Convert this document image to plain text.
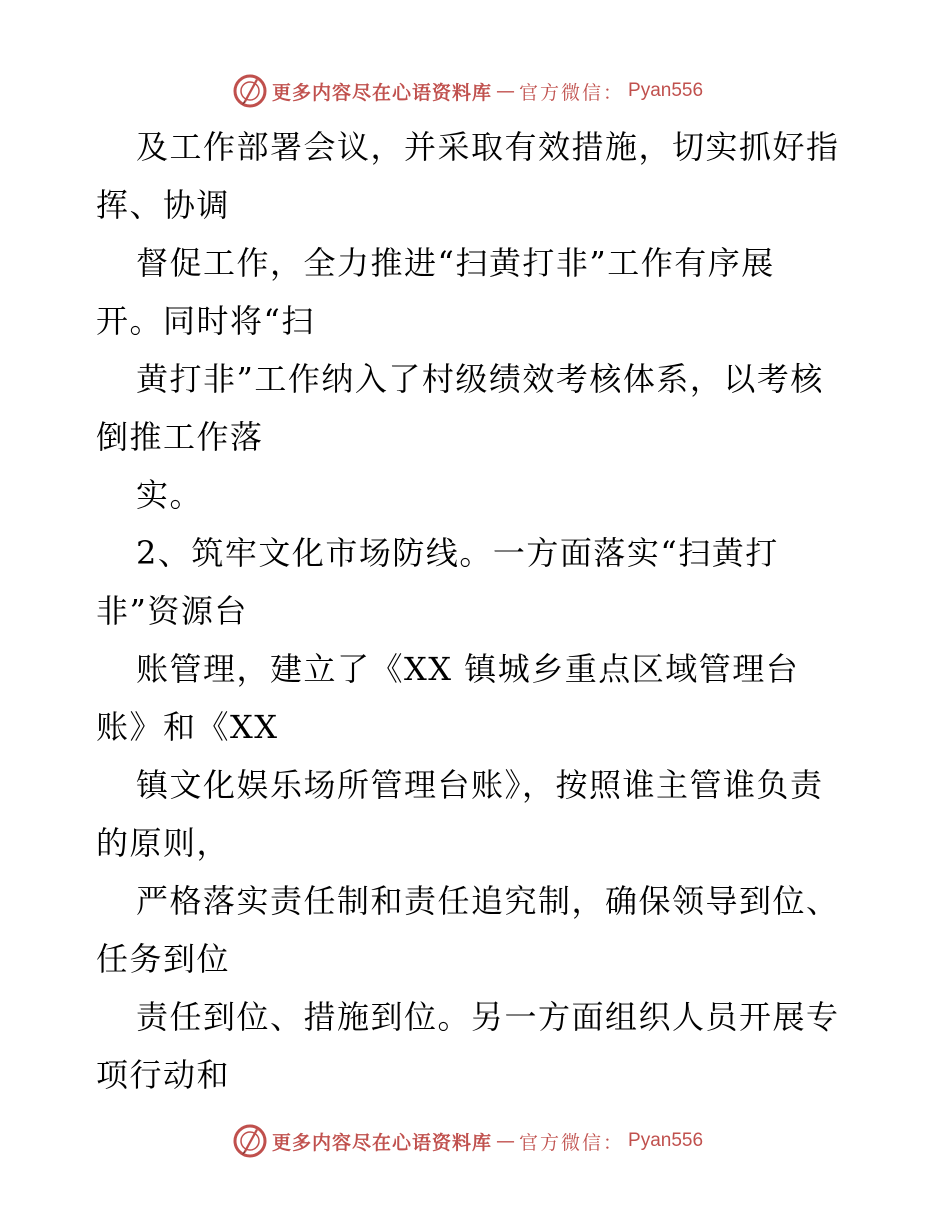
更多内容尽在心语资料库 — 官方微信： Pyan556
及工作部署会议，并采取有效措施，切实抓好指
挥、协调
督促工作，全力推进“扫黄打非”工作有序展
开。同时将“扫
黄打非”工作纳入了村级绩效考核体系，以考核
倒推工作落
实。
2、筑牢文化市场防线。一方面落实“扫黄打
非”资源台
账管理，建立了《XX 镇城乡重点区域管理台
账》和《XX
镇文化娱乐场所管理台账》，按照谁主管谁负责
的原则，
严格落实责任制和责任追究制，确保领导到位、
任务到位
责任到位、措施到位。另一方面组织人员开展专
项行动和
更多内容尽在心语资料库 — 官方微信： Pyan556
